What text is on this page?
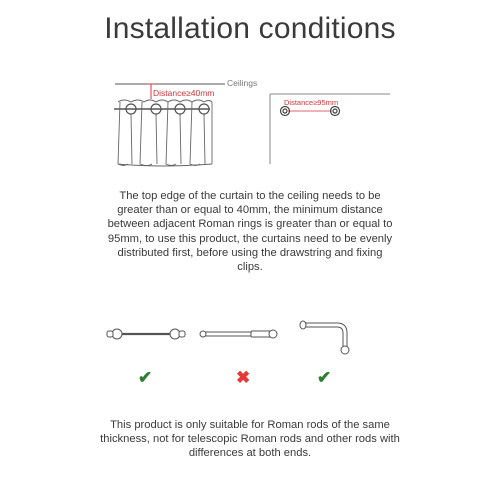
Installation conditions
Ceilings
Distance≥40mm
Distance≥95mm
The top edge of the curtain to the ceiling needs to be greater than or equal to 40mm, the minimum distance between adjacent Roman rings is greater than or equal to 95mm, to use this product, the curtains need to be evenly distributed first, before using the drawstring and fixing clips.
✔	✖	✔
This product is only suitable for Roman rods of the same thickness, not for telescopic Roman rods and other rods with differences at both ends.
